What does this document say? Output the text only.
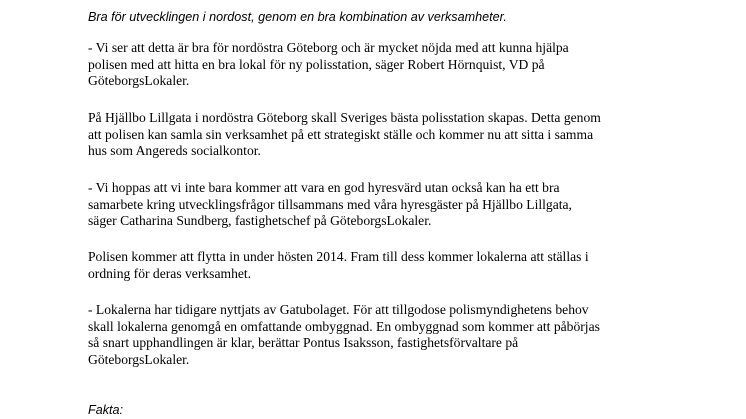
Bra för utvecklingen i nordost, genom en bra kombination av verksamheter.

- Vi ser att detta är bra för nordöstra Göteborg och är mycket nöjda med att kunna hjälpa
polisen med att hitta en bra lokal för ny polisstation, säger Robert Hörnquist, VD på
GöteborgsLokaler.

På Hjällbo Lillgata i nordöstra Göteborg skall Sveriges bästa polisstation skapas. Detta genom
att polisen kan samla sin verksamhet på ett strategiskt ställe och kommer nu att sitta i samma
hus som Angereds socialkontor.

- Vi hoppas att vi inte bara kommer att vara en god hyresvärd utan också kan ha ett bra
samarbete kring utvecklingsfrågor tillsammans med våra hyresgäster på Hjällbo Lillgata,
säger Catharina Sundberg, fastighetschef på GöteborgsLokaler.

Polisen kommer att flytta in under hösten 2014. Fram till dess kommer lokalerna att ställas i
ordning för deras verksamhet.

- Lokalerna har tidigare nyttjats av Gatubolaget. För att tillgodose polismyndighetens behov
skall lokalerna genomgå en omfattande ombyggnad. En ombyggnad som kommer att påbörjas
så snart upphandlingen är klar, berättar Pontus Isaksson, fastighetsförvaltare på
GöteborgsLokaler.

Fakta:
